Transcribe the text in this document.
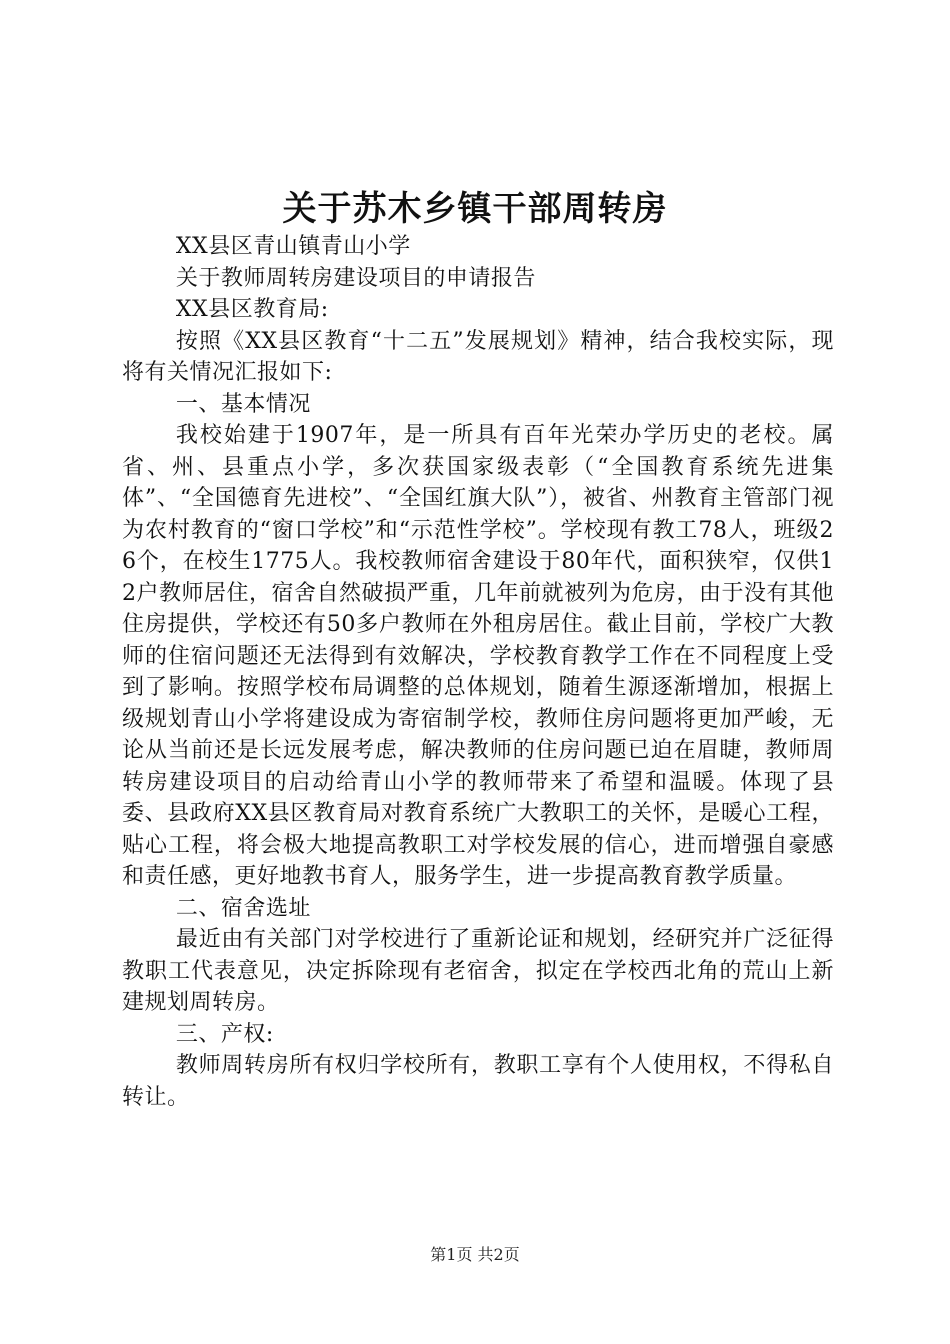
关于苏木乡镇干部周转房

XX县区青山镇青山小学

关于教师周转房建设项目的申请报告

XX县区教育局:

按照《XX县区教育“十二五”发展规划》精神，结合我校实际，现将有关情况汇报如下:

一、基本情况

我校始建于1907年，是一所具有百年光荣办学历史的老校。属省、州、县重点小学，多次获国家级表彰（“全国教育系统先进集体”、“全国德育先进校”、“全国红旗大队”），被省、州教育主管部门视为农村教育的“窗口学校”和“示范性学校”。学校现有教工78人，班级26个，在校生1775人。我校教师宿舍建设于80年代，面积狭窄，仅供12户教师居住，宿舍自然破损严重，几年前就被列为危房，由于没有其他住房提供，学校还有50多户教师在外租房居住。截止目前，学校广大教师的住宿问题还无法得到有效解决，学校教育教学工作在不同程度上受到了影响。按照学校布局调整的总体规划，随着生源逐渐增加，根据上级规划青山小学将建设成为寄宿制学校，教师住房问题将更加严峻，无论从当前还是长远发展考虑，解决教师的住房问题已迫在眉睫，教师周转房建设项目的启动给青山小学的教师带来了希望和温暖。体现了县委、县政府XX县区教育局对教育系统广大教职工的关怀，是暖心工程，贴心工程，将会极大地提高教职工对学校发展的信心，进而增强自豪感和责任感，更好地教书育人，服务学生，进一步提高教育教学质量。

二、宿舍选址

最近由有关部门对学校进行了重新论证和规划，经研究并广泛征得教职工代表意见，决定拆除现有老宿舍，拟定在学校西北角的荒山上新建规划周转房。

三、产权:

教师周转房所有权归学校所有，教职工享有个人使用权，不得私自转让。

第1页 共2页
